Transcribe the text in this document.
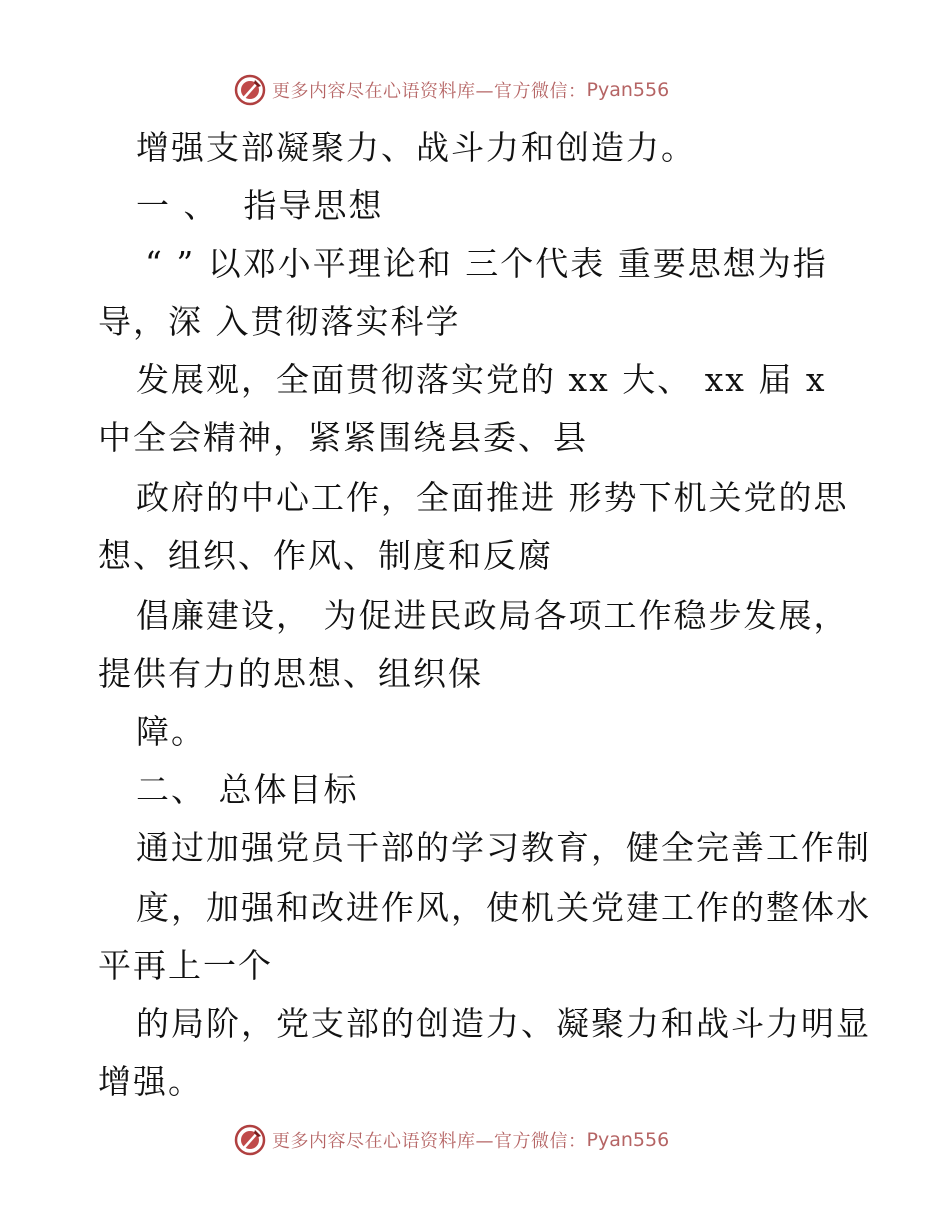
更多内容尽在心语资料库—官方微信： Pyan556
增强支部凝聚力、战斗力和创造力。
一 、  指导思想
“ ” 以邓小平理论和 三个代表 重要思想为指
导，深 入贯彻落实科学
发展观，全面贯彻落实党的 xx 大、 xx 届 x
中全会精神，紧紧围绕县委、县
政府的中心工作，全面推进 形势下机关党的思
想、组织、作风、制度和反腐
倡廉建设， 为促进民政局各项工作稳步发展，
提供有力的思想、组织保
障。
二、 总体目标
通过加强党员干部的学习教育，健全完善工作制
度，加强和改进作风，使机关党建工作的整体水
平再上一个
的局阶，党支部的创造力、凝聚力和战斗力明显
增强。
更多内容尽在心语资料库—官方微信： Pyan556
